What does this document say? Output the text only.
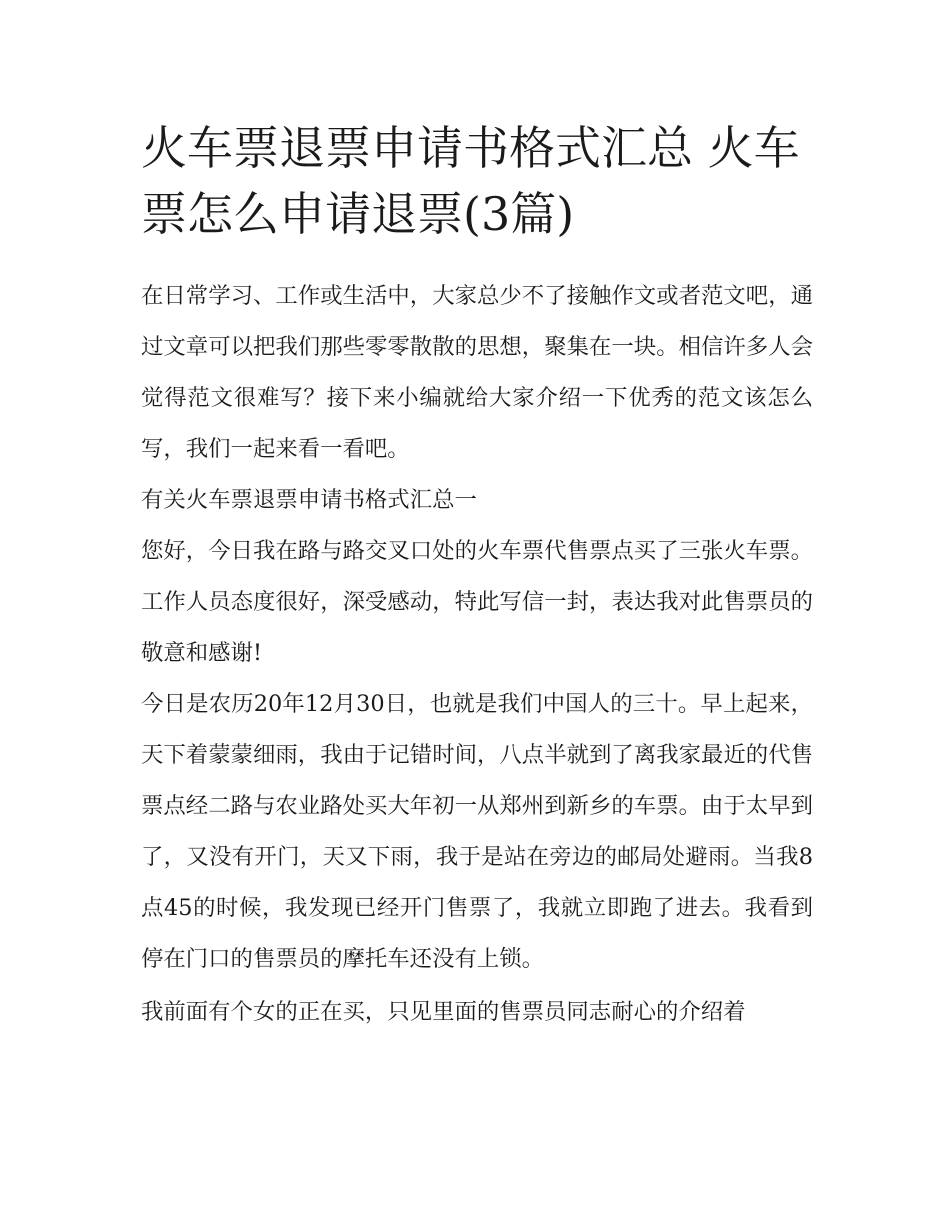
火车票退票申请书格式汇总 火车票怎么申请退票(3篇)

在日常学习、工作或生活中，大家总少不了接触作文或者范文吧，通过文章可以把我们那些零零散散的思想，聚集在一块。相信许多人会觉得范文很难写？接下来小编就给大家介绍一下优秀的范文该怎么写，我们一起来看一看吧。

有关火车票退票申请书格式汇总一

您好，今日我在路与路交叉口处的火车票代售票点买了三张火车票。工作人员态度很好，深受感动，特此写信一封，表达我对此售票员的敬意和感谢!

今日是农历20年12月30日，也就是我们中国人的三十。早上起来，天下着蒙蒙细雨，我由于记错时间，八点半就到了离我家最近的代售票点经二路与农业路处买大年初一从郑州到新乡的车票。由于太早到了，又没有开门，天又下雨，我于是站在旁边的邮局处避雨。当我8点45的时候，我发现已经开门售票了，我就立即跑了进去。我看到停在门口的售票员的摩托车还没有上锁。

我前面有个女的正在买，只见里面的售票员同志耐心的介绍着
